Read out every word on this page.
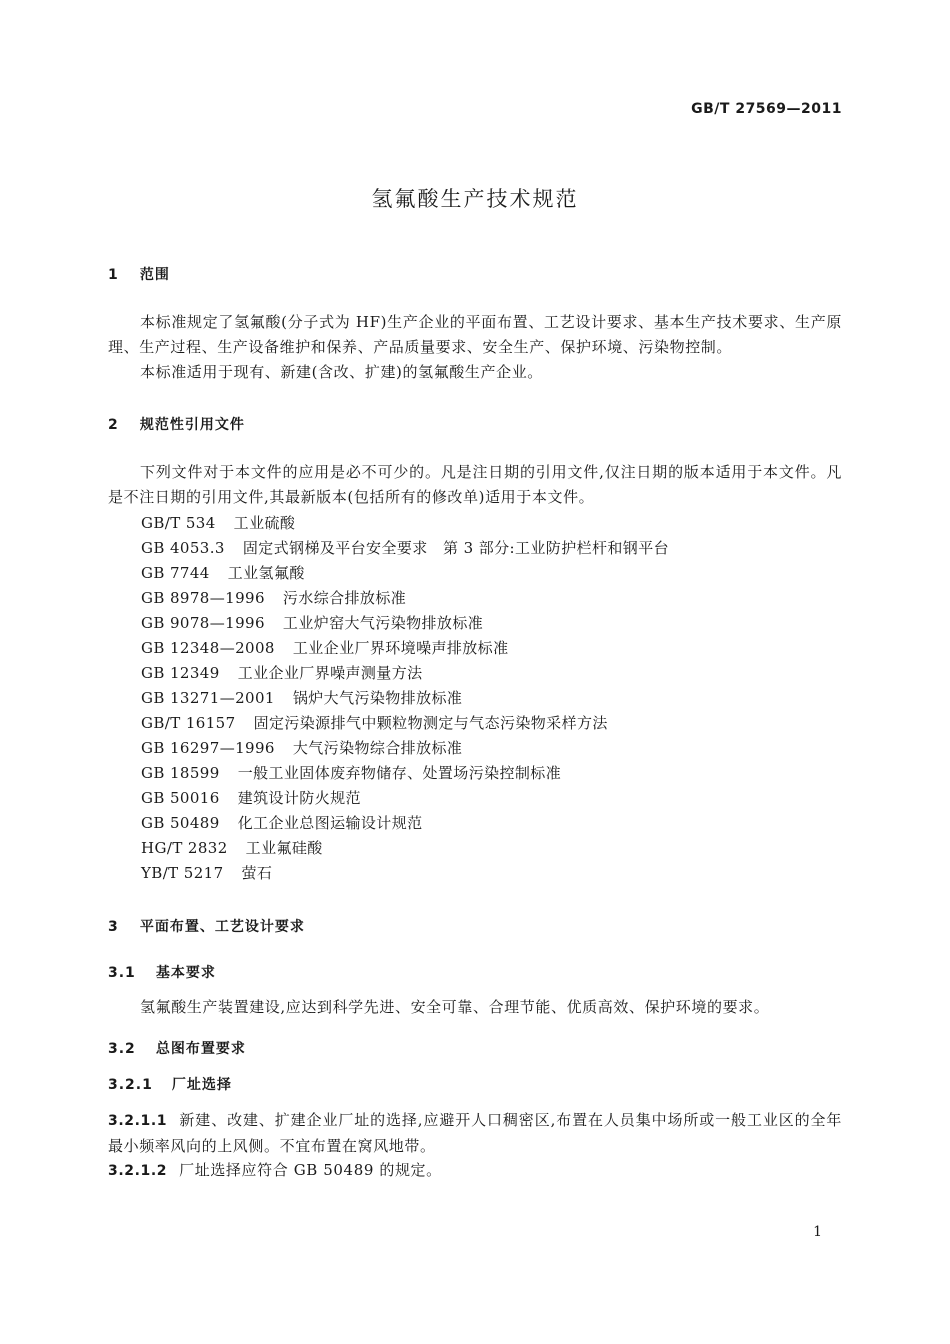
GB/T 27569—2011
氢氟酸生产技术规范
1 范围
本标准规定了氢氟酸(分子式为 HF)生产企业的平面布置、工艺设计要求、基本生产技术要求、生产原理、生产过程、生产设备维护和保养、产品质量要求、安全生产、保护环境、污染物控制。
本标准适用于现有、新建(含改、扩建)的氢氟酸生产企业。
2 规范性引用文件
下列文件对于本文件的应用是必不可少的。凡是注日期的引用文件,仅注日期的版本适用于本文件。凡是不注日期的引用文件,其最新版本(包括所有的修改单)适用于本文件。
GB/T 534 工业硫酸
GB 4053.3 固定式钢梯及平台安全要求　第 3 部分:工业防护栏杆和钢平台
GB 7744 工业氢氟酸
GB 8978—1996 污水综合排放标准
GB 9078—1996 工业炉窑大气污染物排放标准
GB 12348—2008 工业企业厂界环境噪声排放标准
GB 12349 工业企业厂界噪声测量方法
GB 13271—2001 锅炉大气污染物排放标准
GB/T 16157 固定污染源排气中颗粒物测定与气态污染物采样方法
GB 16297—1996 大气污染物综合排放标准
GB 18599 一般工业固体废弃物储存、处置场污染控制标准
GB 50016 建筑设计防火规范
GB 50489 化工企业总图运输设计规范
HG/T 2832 工业氟硅酸
YB/T 5217 萤石
3 平面布置、工艺设计要求
3.1 基本要求
氢氟酸生产装置建设,应达到科学先进、安全可靠、合理节能、优质高效、保护环境的要求。
3.2 总图布置要求
3.2.1 厂址选择
3.2.1.1 新建、改建、扩建企业厂址的选择,应避开人口稠密区,布置在人员集中场所或一般工业区的全年最小频率风向的上风侧。不宜布置在窝风地带。
3.2.1.2 厂址选择应符合 GB 50489 的规定。
1
